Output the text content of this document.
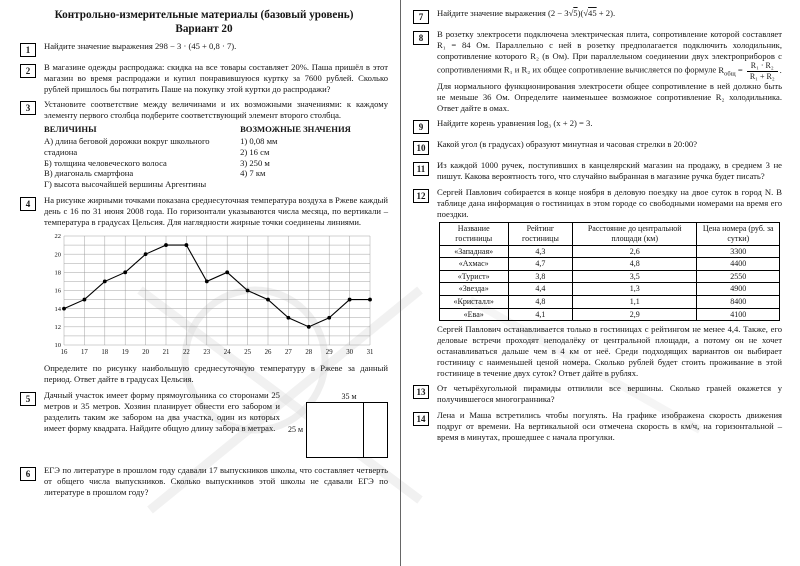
Контрольно-измерительные материалы (базовый уровень)
Вариант 20
1	Найдите значение выражения 298 − 3 · (45 + 0,8 · 7).
2	В магазине одежды распродажа: скидка на все товары составляет 20%. Паша пришёл в этот магазин во время распродажи и купил понравившуюся куртку за 7600 рублей. Сколько рублей пришлось бы потратить Паше на покупку этой куртки до распродажи?
3	Установите соответствие между величинами и их возможными значениями: к каждому элементу первого столбца подберите соответствующий элемент второго столбца.
ВЕЛИЧИНЫ
А) длина беговой дорожки вокруг школьного стадиона
Б) толщина человеческого волоса
В) диагональ смартфона
Г) высота высочайшей вершины Аргентины
ВОЗМОЖНЫЕ ЗНАЧЕНИЯ
1) 0,08 мм
2) 16 см
3) 250 м
4) 7 км
4	На рисунке жирными точками показана среднесуточная температура воздуха в Ржеве каждый день с 16 по 31 июня 2008 года. По горизонтали указываются числа месяца, по вертикали – температура в градусах Цельсия. Для наглядности жирные точки соединены линиями.
10
12
14
16
18
20
22
16 17 18 19 20 21 22 23 24 25 26 27 28 29 30 31
Определите по рисунку наибольшую среднесуточную температуру в Ржеве за данный период. Ответ дайте в градусах Цельсия.
5	35 м
25 м
Дачный участок имеет форму прямоугольника со сторонами 25 метров и 35 метров. Хозяин планирует обнести его забором и разделить таким же забором на два участка, один из которых имеет форму квадрата. Найдите общую длину забора в метрах.
6	ЕГЭ по литературе в прошлом году сдавали 17 выпускников школы, что составляет четверть от общего числа выпускников. Сколько выпускников этой школы не сдавали ЕГЭ по литературе в прошлом году?
7	Найдите значение выражения (2 − 3√5)(√45 + 2).
8	В розетку электросети подключена электрическая плита, сопротивление которой составляет R₁ = 84 Ом. Параллельно с ней в розетку предполагается подключить холодильник, сопротивление которого R₂ (в Ом). При параллельном соединении двух электроприборов с сопротивлениями R₁ и R₂ их общее сопротивление вычисляется по формуле $R_{общ} = \frac{\text{R₁ · R₂}}{\text{R₁ + R₂}}$ .
Для нормального функционирования электросети общее сопротивление в ней должно быть не меньше 36 Ом. Определите наименьшее возможное сопротивление R₂ холодильника. Ответ дайте в омах.
9	Найдите корень уравнения log₃ (x + 2) = 3.
10	Какой угол (в градусах) образуют минутная и часовая стрелки в 20:00?
11	Из каждой 1000 ручек, поступивших в канцелярский магазин на продажу, в среднем 3 не пишут. Какова вероятность того, что случайно выбранная в магазине ручка будет писать?
12	Сергей Павлович собирается в конце ноября в деловую поездку на двое суток в город N. В таблице дана информация о гостиницах в этом городе со свободными номерами на время его поездки.
Название гостиницы	Рейтинг гостиницы	Расстояние до центральной площади (км)	Цена номера (руб. за сутки)
«Западная»	4,3	2,6	3300
«Ахмас»	4,7	4,8	4400
«Турист»	3,8	3,5	2550
«Звезда»	4,4	1,3	4900
«Кристалл»	4,8	1,1	8400
«Ева»	4,1	2,9	4100
Сергей Павлович останавливается только в гостиницах с рейтингом не менее 4,4. Также, его деловые встречи проходят неподалёку от центральной площади, а потому он не хочет останавливаться дальше чем в 4 км от неё. Среди подходящих вариантов он выбирает гостиницу с наименьшей ценой номера. Сколько рублей будет стоить проживание в этой гостинице в течение двух суток? Ответ дайте в рублях.
13	От четырёхугольной пирамиды отпилили все вершины. Сколько граней окажется у получившегося многогранника?
14	Лена и Маша встретились чтобы погулять. На графике изображена скорость движения подруг от времени. На вертикальной оси отмечена скорость в км/ч, на горизонтальной – время в минутах, прошедшее с начала прогулки.
